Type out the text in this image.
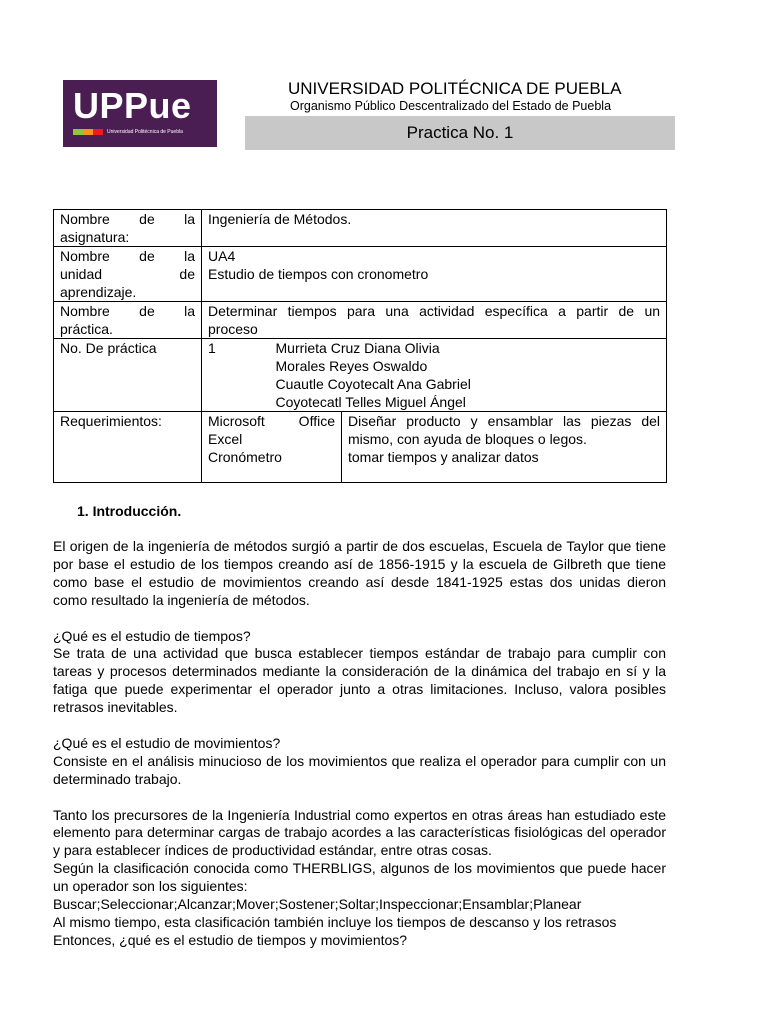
UPPue
Universidad Politécnica de Puebla
UNIVERSIDAD POLITÉCNICA DE PUEBLA
Organismo Público Descentralizado del Estado de Puebla
Practica No. 1
Nombre de la
asignatura:	Ingeniería de Métodos.		

Nombre de la
unidad de
aprendizaje.	UA4
Estudio de tiempos con cronometro		

Nombre de la
práctica.	Determinar tiempos para una actividad específica a partir de un
proceso		

No. De práctica	1	Murrieta Cruz Diana Olivia
Morales Reyes Oswaldo
Cuautle Coyotecalt Ana Gabriel
Coyotecatl Telles Miguel Ángel	

Requerimientos:	Microsoft Office
Excel
Cronómetro		Diseñar producto y ensamblar las piezas del
mismo, con ayuda de bloques o legos.
tomar tiempos y analizar datos
1. Introducción.

El origen de la ingeniería de métodos surgió a partir de dos escuelas, Escuela de Taylor que tiene por base el estudio de los tiempos creando así de 1856-1915 y la escuela de Gilbreth que tiene como base el estudio de movimientos creando así desde 1841-1925 estas dos unidas dieron como resultado la ingeniería de métodos.

¿Qué es el estudio de tiempos?

Se trata de una actividad que busca establecer tiempos estándar de trabajo para cumplir con tareas y procesos determinados mediante la consideración de la dinámica del trabajo en sí y la fatiga que puede experimentar el operador junto a otras limitaciones. Incluso, valora posibles retrasos inevitables.

¿Qué es el estudio de movimientos?

Consiste en el análisis minucioso de los movimientos que realiza el operador para cumplir con un determinado trabajo.

Tanto los precursores de la Ingeniería Industrial como expertos en otras áreas han estudiado este elemento para determinar cargas de trabajo acordes a las características fisiológicas del operador y para establecer índices de productividad estándar, entre otras cosas.

Según la clasificación conocida como THERBLIGS, algunos de los movimientos que puede hacer un operador son los siguientes:

Buscar;Seleccionar;Alcanzar;Mover;Sostener;Soltar;Inspeccionar;Ensamblar;Planear

Al mismo tiempo, esta clasificación también incluye los tiempos de descanso y los retrasos

Entonces, ¿qué es el estudio de tiempos y movimientos?
